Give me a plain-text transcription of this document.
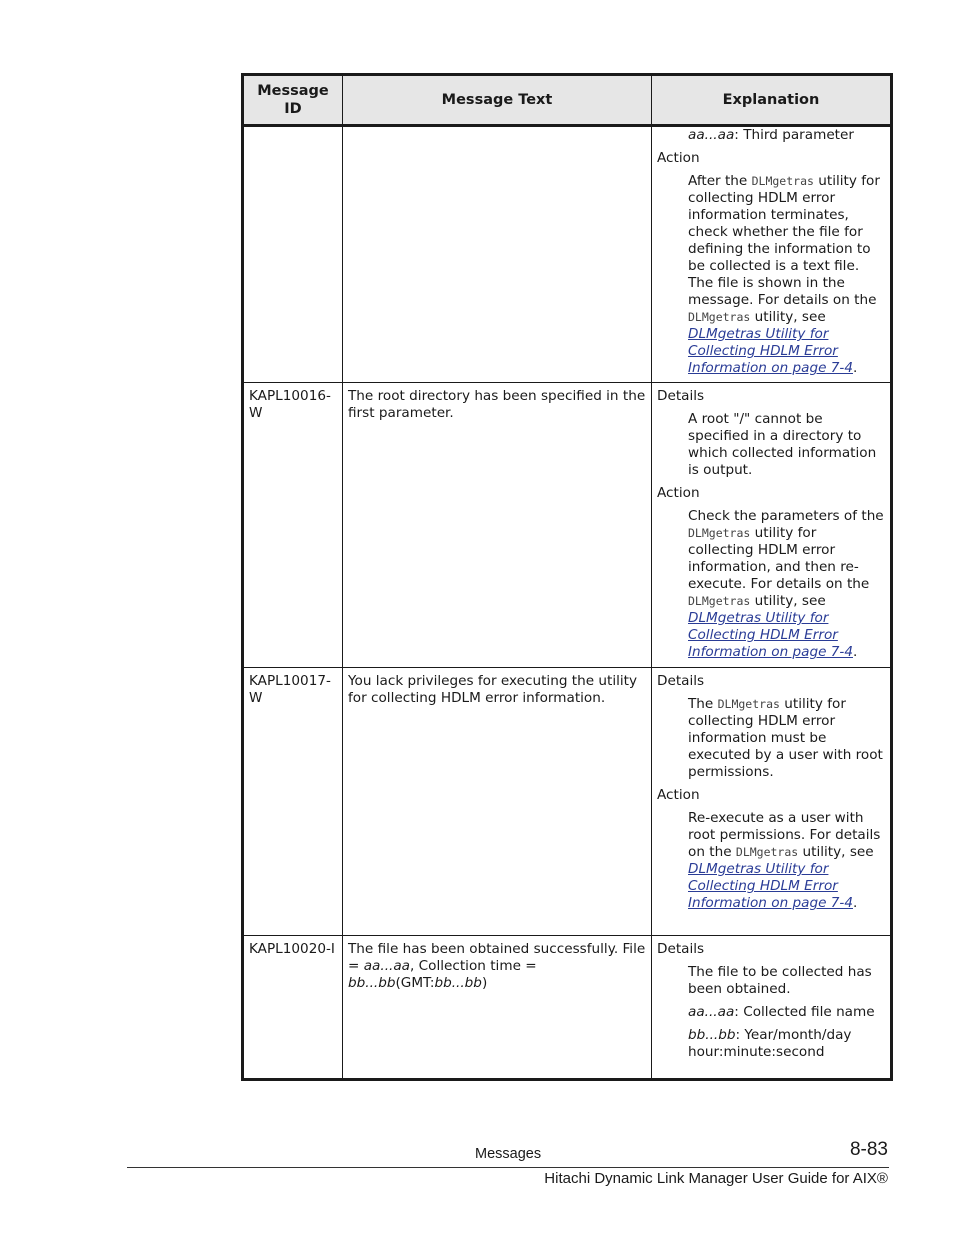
Message ID	Message Text	Explanation

		aa...aa: Third parameter
Action
After the DLMgetras utility for collecting HDLM error information terminates, check whether the file for defining the information to be collected is a text file. The file is shown in the message. For details on the DLMgetras utility, see DLMgetras Utility for Collecting HDLM Error Information on page 7-4.

KAPL10016-W	The root directory has been specified in the first parameter.	Details
A root "/" cannot be specified in a directory to which collected information is output.
Action
Check the parameters of the DLMgetras utility for collecting HDLM error information, and then re-execute. For details on the DLMgetras utility, see DLMgetras Utility for Collecting HDLM Error Information on page 7-4.

KAPL10017-W	You lack privileges for executing the utility for collecting HDLM error information.	Details
The DLMgetras utility for collecting HDLM error information must be executed by a user with root permissions.
Action
Re-execute as a user with root permissions. For details on the DLMgetras utility, see DLMgetras Utility for Collecting HDLM Error Information on page 7-4.

KAPL10020-I	The file has been obtained successfully. File = aa...aa, Collection time = bb...bb(GMT:bb...bb)	Details
The file to be collected has been obtained.
aa...aa: Collected file name
bb...bb: Year/month/day hour:minute:second
Messages	8-83
Hitachi Dynamic Link Manager User Guide for AIX®
